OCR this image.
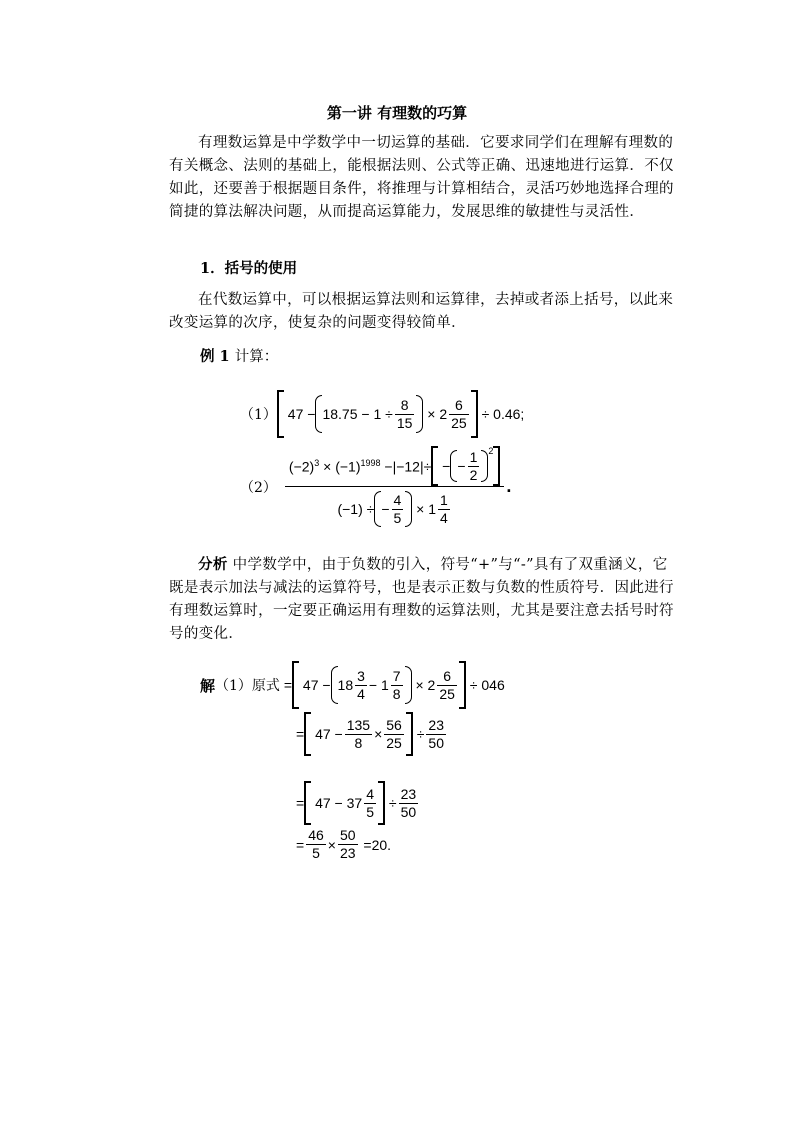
第一讲 有理数的巧算
有理数运算是中学数学中一切运算的基础．它要求同学们在理解有理数的有关概念、法则的基础上，能根据法则、公式等正确、迅速地进行运算．不仅如此，还要善于根据题目条件，将推理与计算相结合，灵活巧妙地选择合理的简捷的算法解决问题，从而提高运算能力，发展思维的敏捷性与灵活性．
1．括号的使用
在代数运算中，可以根据运算法则和运算律，去掉或者添上括号，以此来改变运算的次序，使复杂的问题变得较简单．
例 1 计算：
（1） $47 - 18.75 - 1 \div \frac{8}{15} \times 2 \frac{6}{25} \div 0.46$;
（2）
$(-2)^3 \times (-1)^{1998} -|-12|\div$ − − $\frac{1}{2} ^2$
(−1) ÷ − $\frac{4}{5} \times 1 \frac{1}{4}$
.
分析 中学数学中，由于负数的引入，符号“+”与“-”具有了双重涵义，它既是表示加法与减法的运算符号，也是表示正数与负数的性质符号．因此进行有理数运算时，一定要正确运用有理数的运算法则，尤其是要注意去括号时符号的变化．
解 （1）原式 = $47 - 18 \frac{3}{4} - 1 \frac{7}{8} \times 2 \frac{6}{25} \div 046$
= $47 - \frac{135}{8} \times \frac{56}{25} \div \frac{23}{50}$
= $47 - 37 \frac{4}{5} \div \frac{23}{50}$
= $\frac{46}{5} \times \frac{50}{23} = 20$.
